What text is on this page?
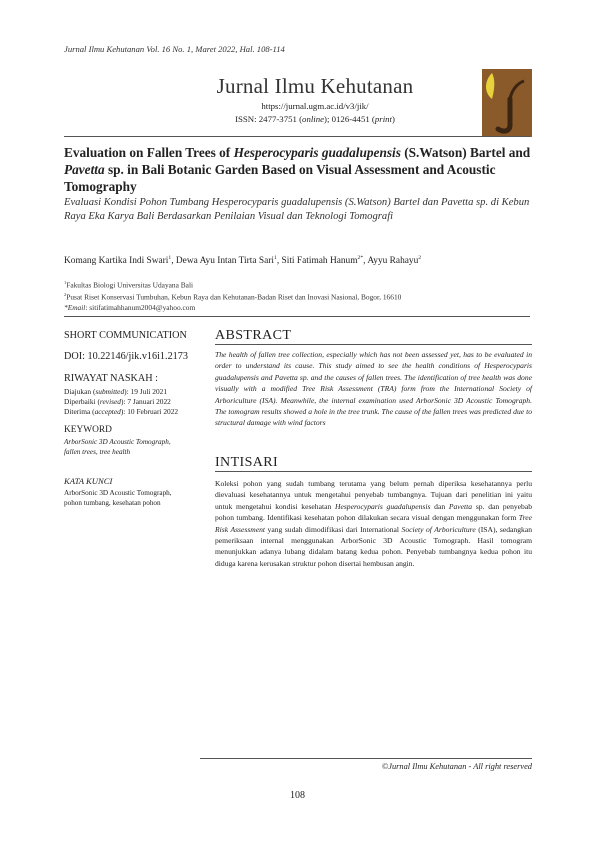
Jurnal Ilmu Kehutanan Vol. 16 No. 1, Maret 2022, Hal. 108-114
Jurnal Ilmu Kehutanan
https://jurnal.ugm.ac.id/v3/jik/
ISSN: 2477-3751 (online); 0126-4451 (print)
Evaluation on Fallen Trees of Hesperocyparis guadalupensis (S.Watson) Bartel and Pavetta sp. in Bali Botanic Garden Based on Visual Assessment and Acoustic Tomography
Evaluasi Kondisi Pohon Tumbang Hesperocyparis guadalupensis (S.Watson) Bartel dan Pavetta sp. di Kebun Raya Eka Karya Bali Berdasarkan Penilaian Visual dan Teknologi Tomografi
Komang Kartika Indi Swari$^1$, Dewa Ayu Intan Tirta Sari$^1$, Siti Fatimah Hanum$^{2*}$, Ayyu Rahayu$^2$
$^1$Fakultas Biologi Universitas Udayana Bali
$^2$Pusat Riset Konservasi Tumbuhan, Kebun Raya dan Kehutanan-Badan Riset dan Inovasi Nasional, Bogor, 16610
*Email: sitifatimahhanum2004@yahoo.com
SHORT COMMUNICATION
DOI: 10.22146/jik.v16i1.2173
RIWAYAT NASKAH :
Diajukan (submitted): 19 Juli 2021
Diperbaiki (revised): 7 Januari 2022
Diterima (accepted): 10 Februari 2022
KEYWORD
ArborSonic 3D Acoustic Tomograph,
fallen trees, tree health
KATA KUNCI
ArborSonic 3D Acoustic Tomograph,
pohon tumbang, kesehatan pohon
ABSTRACT
The health of fallen tree collection, especially which has not been assessed yet, has to be evaluated in order to understand its cause. This study aimed to see the health conditions of Hesperocyparis guadalupensis and Pavetta sp. and the causes of fallen trees. The identification of tree health was done visually with a modified Tree Risk Assessment (TRA) form from the International Society of Arboriculture (ISA). Meanwhile, the internal examination used ArborSonic 3D Acoustic Tomograph. The tomogram results showed a hole in the tree trunk. The cause of the fallen trees was predicted due to structural damage with wind factors
INTISARI
Koleksi pohon yang sudah tumbang terutama yang belum pernah diperiksa kesehatannya perlu dievaluasi kesehatannya untuk mengetahui penyebab tumbangnya. Tujuan dari penelitian ini yaitu untuk mengetahui kondisi kesehatan Hesperocyparis guadalupensis dan Pavetta sp. dan penyebab pohon tumbang. Identifikasi kesehatan pohon dilakukan secara visual dengan menggunakan form Tree Risk Assessment yang sudah dimodifikasi dari International Society of Arboriculture (ISA), sedangkan pemeriksaan internal menggunakan ArborSonic 3D Acoustic Tomograph. Hasil tomogram menunjukkan adanya lubang didalam batang kedua pohon. Penyebab tumbangnya kedua pohon itu diduga karena kerusakan struktur pohon disertai hembusan angin.
©Jurnal Ilmu Kehutanan - All right reserved
108
